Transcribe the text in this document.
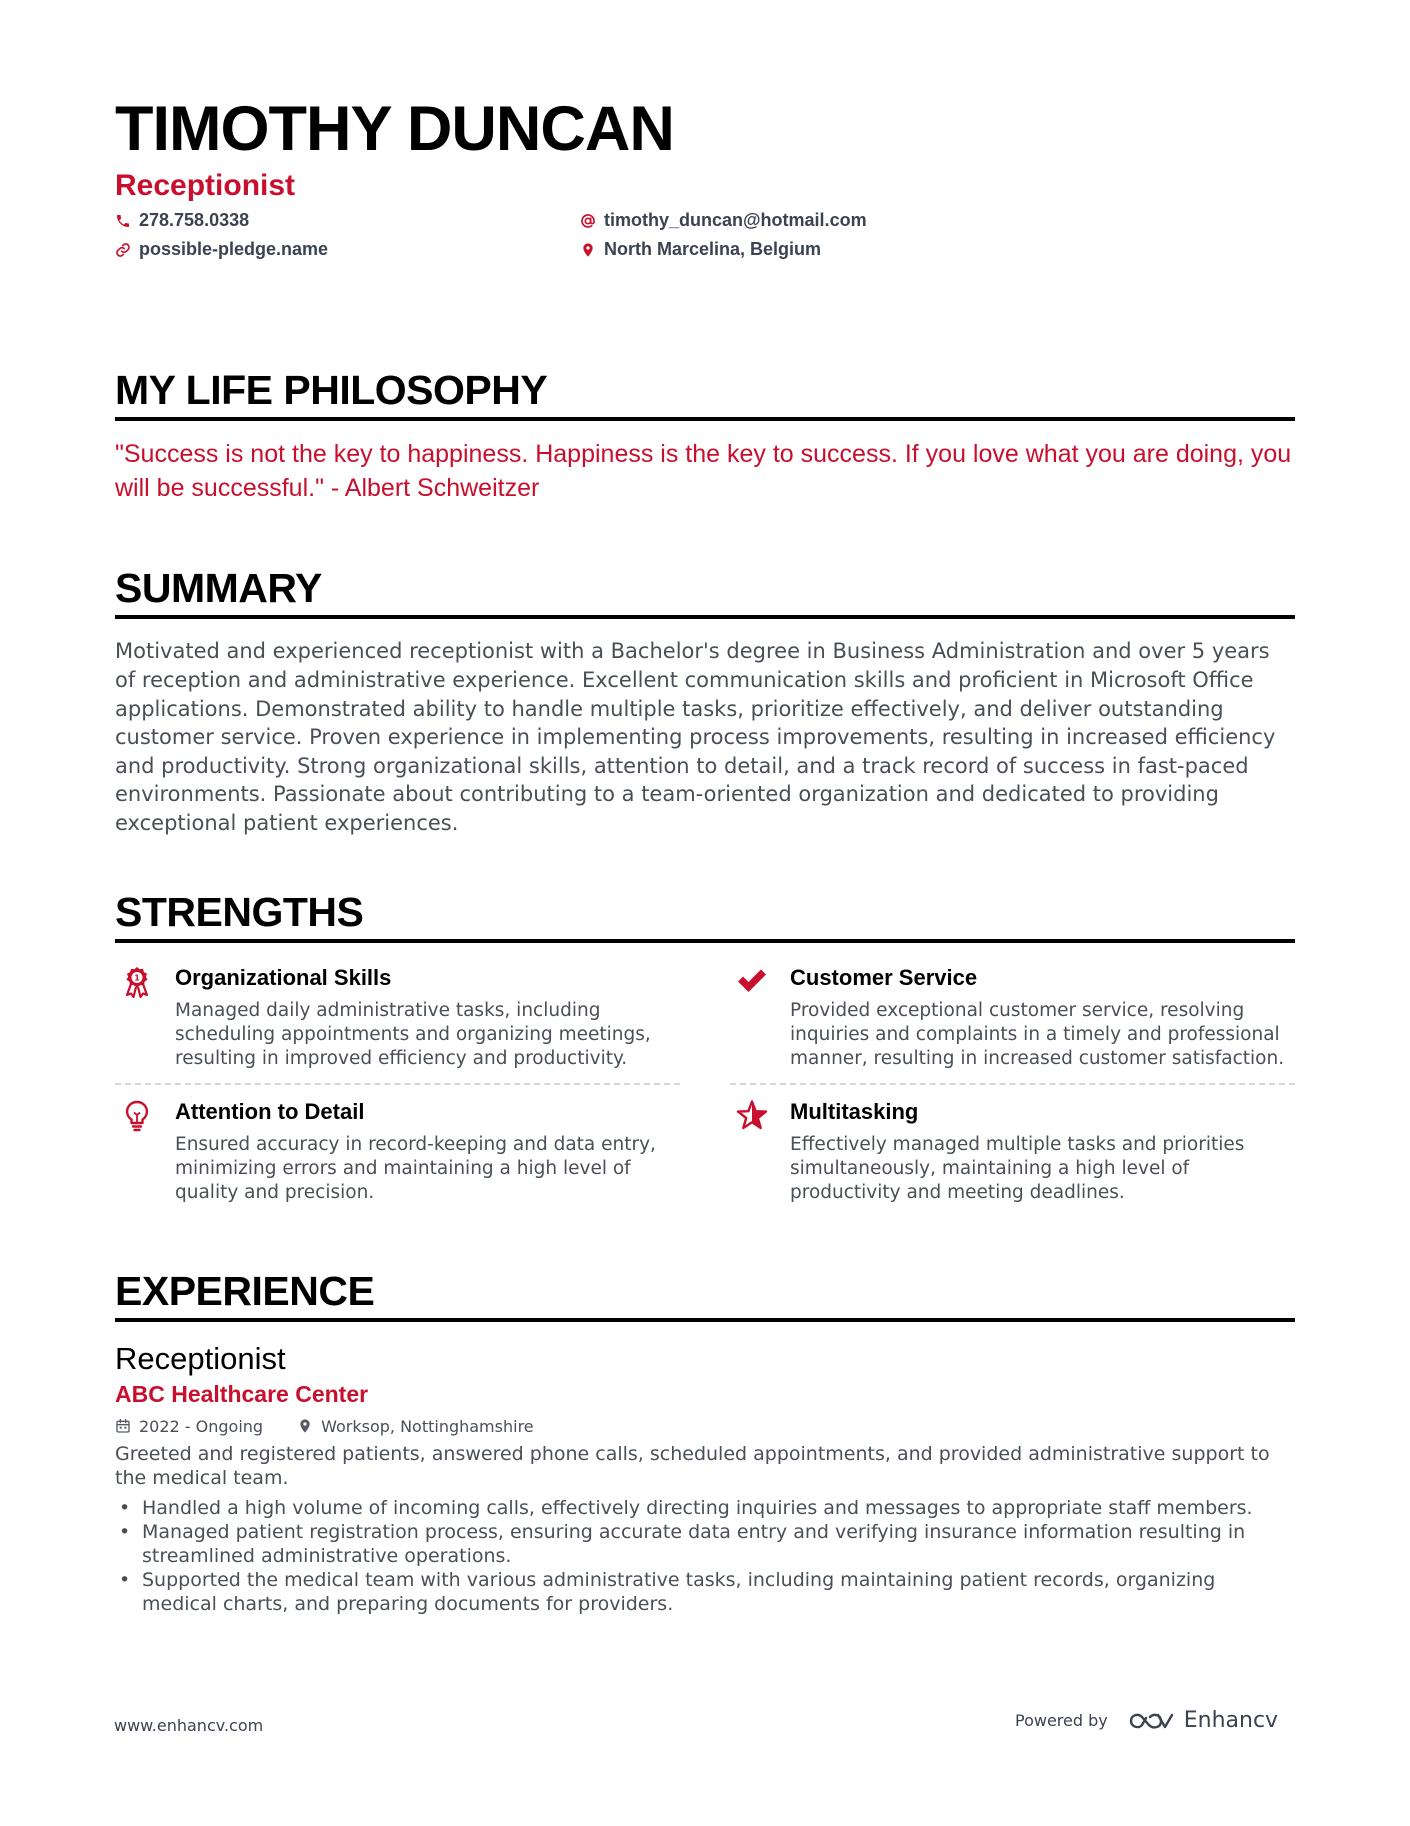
TIMOTHY DUNCAN
Receptionist
278.758.0338	timothy_duncan@hotmail.com
possible-pledge.name	North Marcelina, Belgium
MY LIFE PHILOSOPHY
"Success is not the key to happiness. Happiness is the key to success. If you love what you are doing, you will be successful." - Albert Schweitzer
SUMMARY
Motivated and experienced receptionist with a Bachelor's degree in Business Administration and over 5 years of reception and administrative experience. Excellent communication skills and proficient in Microsoft Office applications. Demonstrated ability to handle multiple tasks, prioritize effectively, and deliver outstanding customer service. Proven experience in implementing process improvements, resulting in increased efficiency and productivity. Strong organizational skills, attention to detail, and a track record of success in fast-paced environments. Passionate about contributing to a team-oriented organization and dedicated to providing exceptional patient experiences.
STRENGTHS
1 Organizational Skills
Managed daily administrative tasks, including scheduling appointments and organizing meetings, resulting in improved efficiency and productivity.
Customer Service
Provided exceptional customer service, resolving inquiries and complaints in a timely and professional manner, resulting in increased customer satisfaction.
Attention to Detail
Ensured accuracy in record-keeping and data entry, minimizing errors and maintaining a high level of quality and precision.
Multitasking
Effectively managed multiple tasks and priorities simultaneously, maintaining a high level of productivity and meeting deadlines.
EXPERIENCE
Receptionist
ABC Healthcare Center
2022 - Ongoing	Worksop, Nottinghamshire
Greeted and registered patients, answered phone calls, scheduled appointments, and provided administrative support to the medical team.
• Handled a high volume of incoming calls, effectively directing inquiries and messages to appropriate staff members.
• Managed patient registration process, ensuring accurate data entry and verifying insurance information resulting in streamlined administrative operations.
• Supported the medical team with various administrative tasks, including maintaining patient records, organizing medical charts, and preparing documents for providers.
www.enhancv.com	Powered by	Enhancv
